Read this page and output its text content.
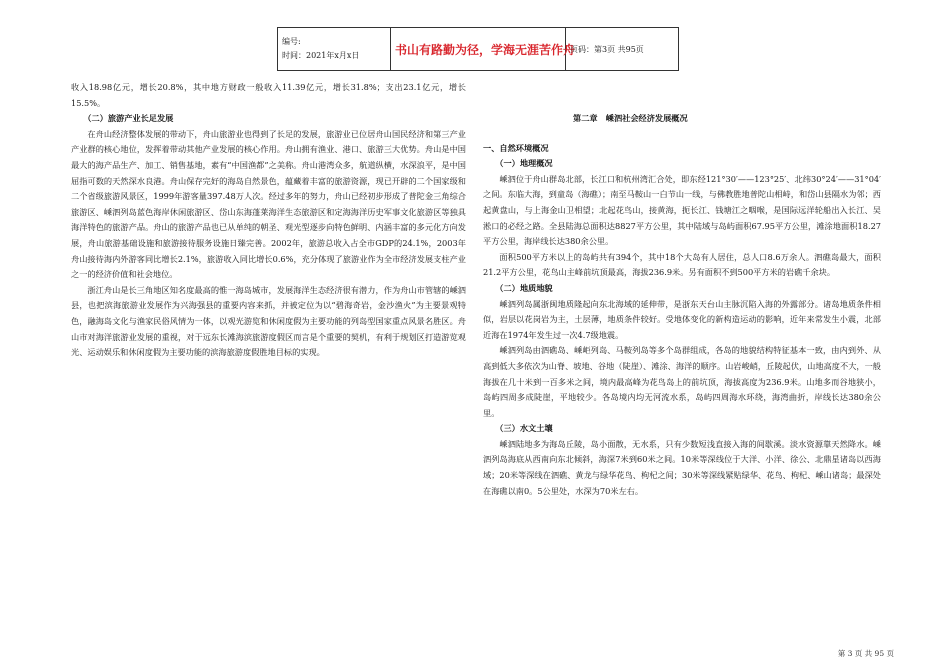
编号:
时间：2021年x月x日	书山有路勤为径，学海无涯苦作舟	页码：第3页 共95页

收入18.98亿元，增长20.8%，其中地方财政一般收入11.39亿元，增长31.8%；支出23.1亿元，增长15.5%。

（二）旅游产业长足发展

在舟山经济整体发展的带动下，舟山旅游业也得到了长足的发展，旅游业已位居舟山国民经济和第三产业产业群的核心地位，发挥着带动其他产业发展的核心作用。舟山拥有渔业、港口、旅游三大优势。舟山是中国最大的海产品生产、加工、销售基地，素有“中国渔都”之美称。舟山港湾众多，航道纵横，水深浪平，是中国屈指可数的天然深水良港。舟山保存完好的海岛自然景色，蕴藏着丰富的旅游资源，现已开辟的二个国家级和二个省级旅游风景区，1999年游客量397.48万人次。经过多年的努力，舟山已经初步形成了普陀金三角综合旅游区、嵊泗列岛蓝色海岸休闲旅游区、岱山东海蓬莱海洋生态旅游区和定海海洋历史军事文化旅游区等独具海洋特色的旅游产品。舟山的旅游产品也已从单纯的朝圣、观光型逐步向特色鲜明、内涵丰富的多元化方向发展，舟山旅游基础设施和旅游接待服务设施日臻完善。2002年，旅游总收入占全市GDP的24.1%，2003年舟山接待海内外游客同比增长2.1%，旅游收入同比增长0.6%，充分体现了旅游业作为全市经济发展支柱产业之一的经济价值和社会地位。

浙江舟山是长三角地区知名度最高的惟一海岛城市，发展海洋生态经济很有潜力，作为舟山市管辖的嵊泗县，也把滨海旅游业发展作为兴海强县的重要内容来抓，并被定位为以“碧海奇岩，金沙渔火”为主要景观特色，融海岛文化与渔家民俗风情为一体，以观光游览和休闲度假为主要功能的列岛型国家重点风景名胜区。舟山市对海洋旅游业发展的重视，对于远东长滩海滨旅游度假区而言是个重要的契机，有利于规划区打造游览观光、运动娱乐和休闲度假为主要功能的滨海旅游度假胜地目标的实现。

第二章　嵊泗社会经济发展概况

一、自然环境概况

（一）地理概况

嵊泗位于舟山群岛北部，长江口和杭州湾汇合处，即东经121°30′——123°25′、北纬30°24′——31°04′之间。东临大海，到童岛（海礁）；南至马鞍山一白节山一线，与佛教胜地普陀山相峙，和岱山县隔水为邻；西起黄盘山，与上海金山卫相望；北起花鸟山，接黄海，扼长江、钱塘江之咽喉，是国际远洋轮船出入长江、吴淞口的必经之路。全县陆海总面积达8827平方公里，其中陆域与岛屿面积67.95平方公里，滩涂地面积18.27平方公里，海岸线长达380余公里。

面积500平方米以上的岛屿共有394个，其中18个大岛有人居住，总人口8.6万余人。泗礁岛最大，面积21.2平方公里，花鸟山主峰前坑顶最高，海拔236.9米。另有面积不到500平方米的岩礁千余块。

（二）地质地貌

嵊泗列岛属浙闽地质隆起向东北海域的延伸带，是浙东天台山主脉沉陷入海的外露部分。诸岛地质条件相似，岩层以花岗岩为主，土层薄，地质条件较好。受地体变化的新构造运动的影响，近年来常发生小震，北部近海在1974年发生过一次4.7级地震。

嵊泗列岛由泗礁岛、嵊岠列岛、马鞍列岛等多个岛群组成，各岛的地貌结构特征基本一致，由内到外、从高到低大多依次为山脊、坡地、谷地（陡崖）、滩涂、海洋的顺序。山岩峻峭，丘陵起伏，山地高度不大，一般海拔在几十米到一百多米之间，境内最高峰为花鸟岛上的前坑顶，海拔高度为236.9米。山地多而谷地狭小，岛屿四周多成陡崖，平地较少。各岛境内均无河流水系，岛屿四周海水环绕，海湾曲折，岸线长达380余公里。

（三）水文土壤

嵊泗陆地多为海岛丘陵，岛小面散，无水系，只有少数短浅直接入海的间歇溪。淡水资源靠天然降水。嵊泗列岛海底从西南向东北倾斜，海深7米到60米之间。10米等深线位于大洋、小洋、徐公、北鼎星诸岛以西海域；20米等深线在泗礁、黄龙与绿华花鸟、枸杞之间；30米等深线紧贴绿华、花鸟、枸杞、嵊山诸岛；最深处在海礁以南0。5公里处，水深为70米左右。

第 3 页 共 95 页
